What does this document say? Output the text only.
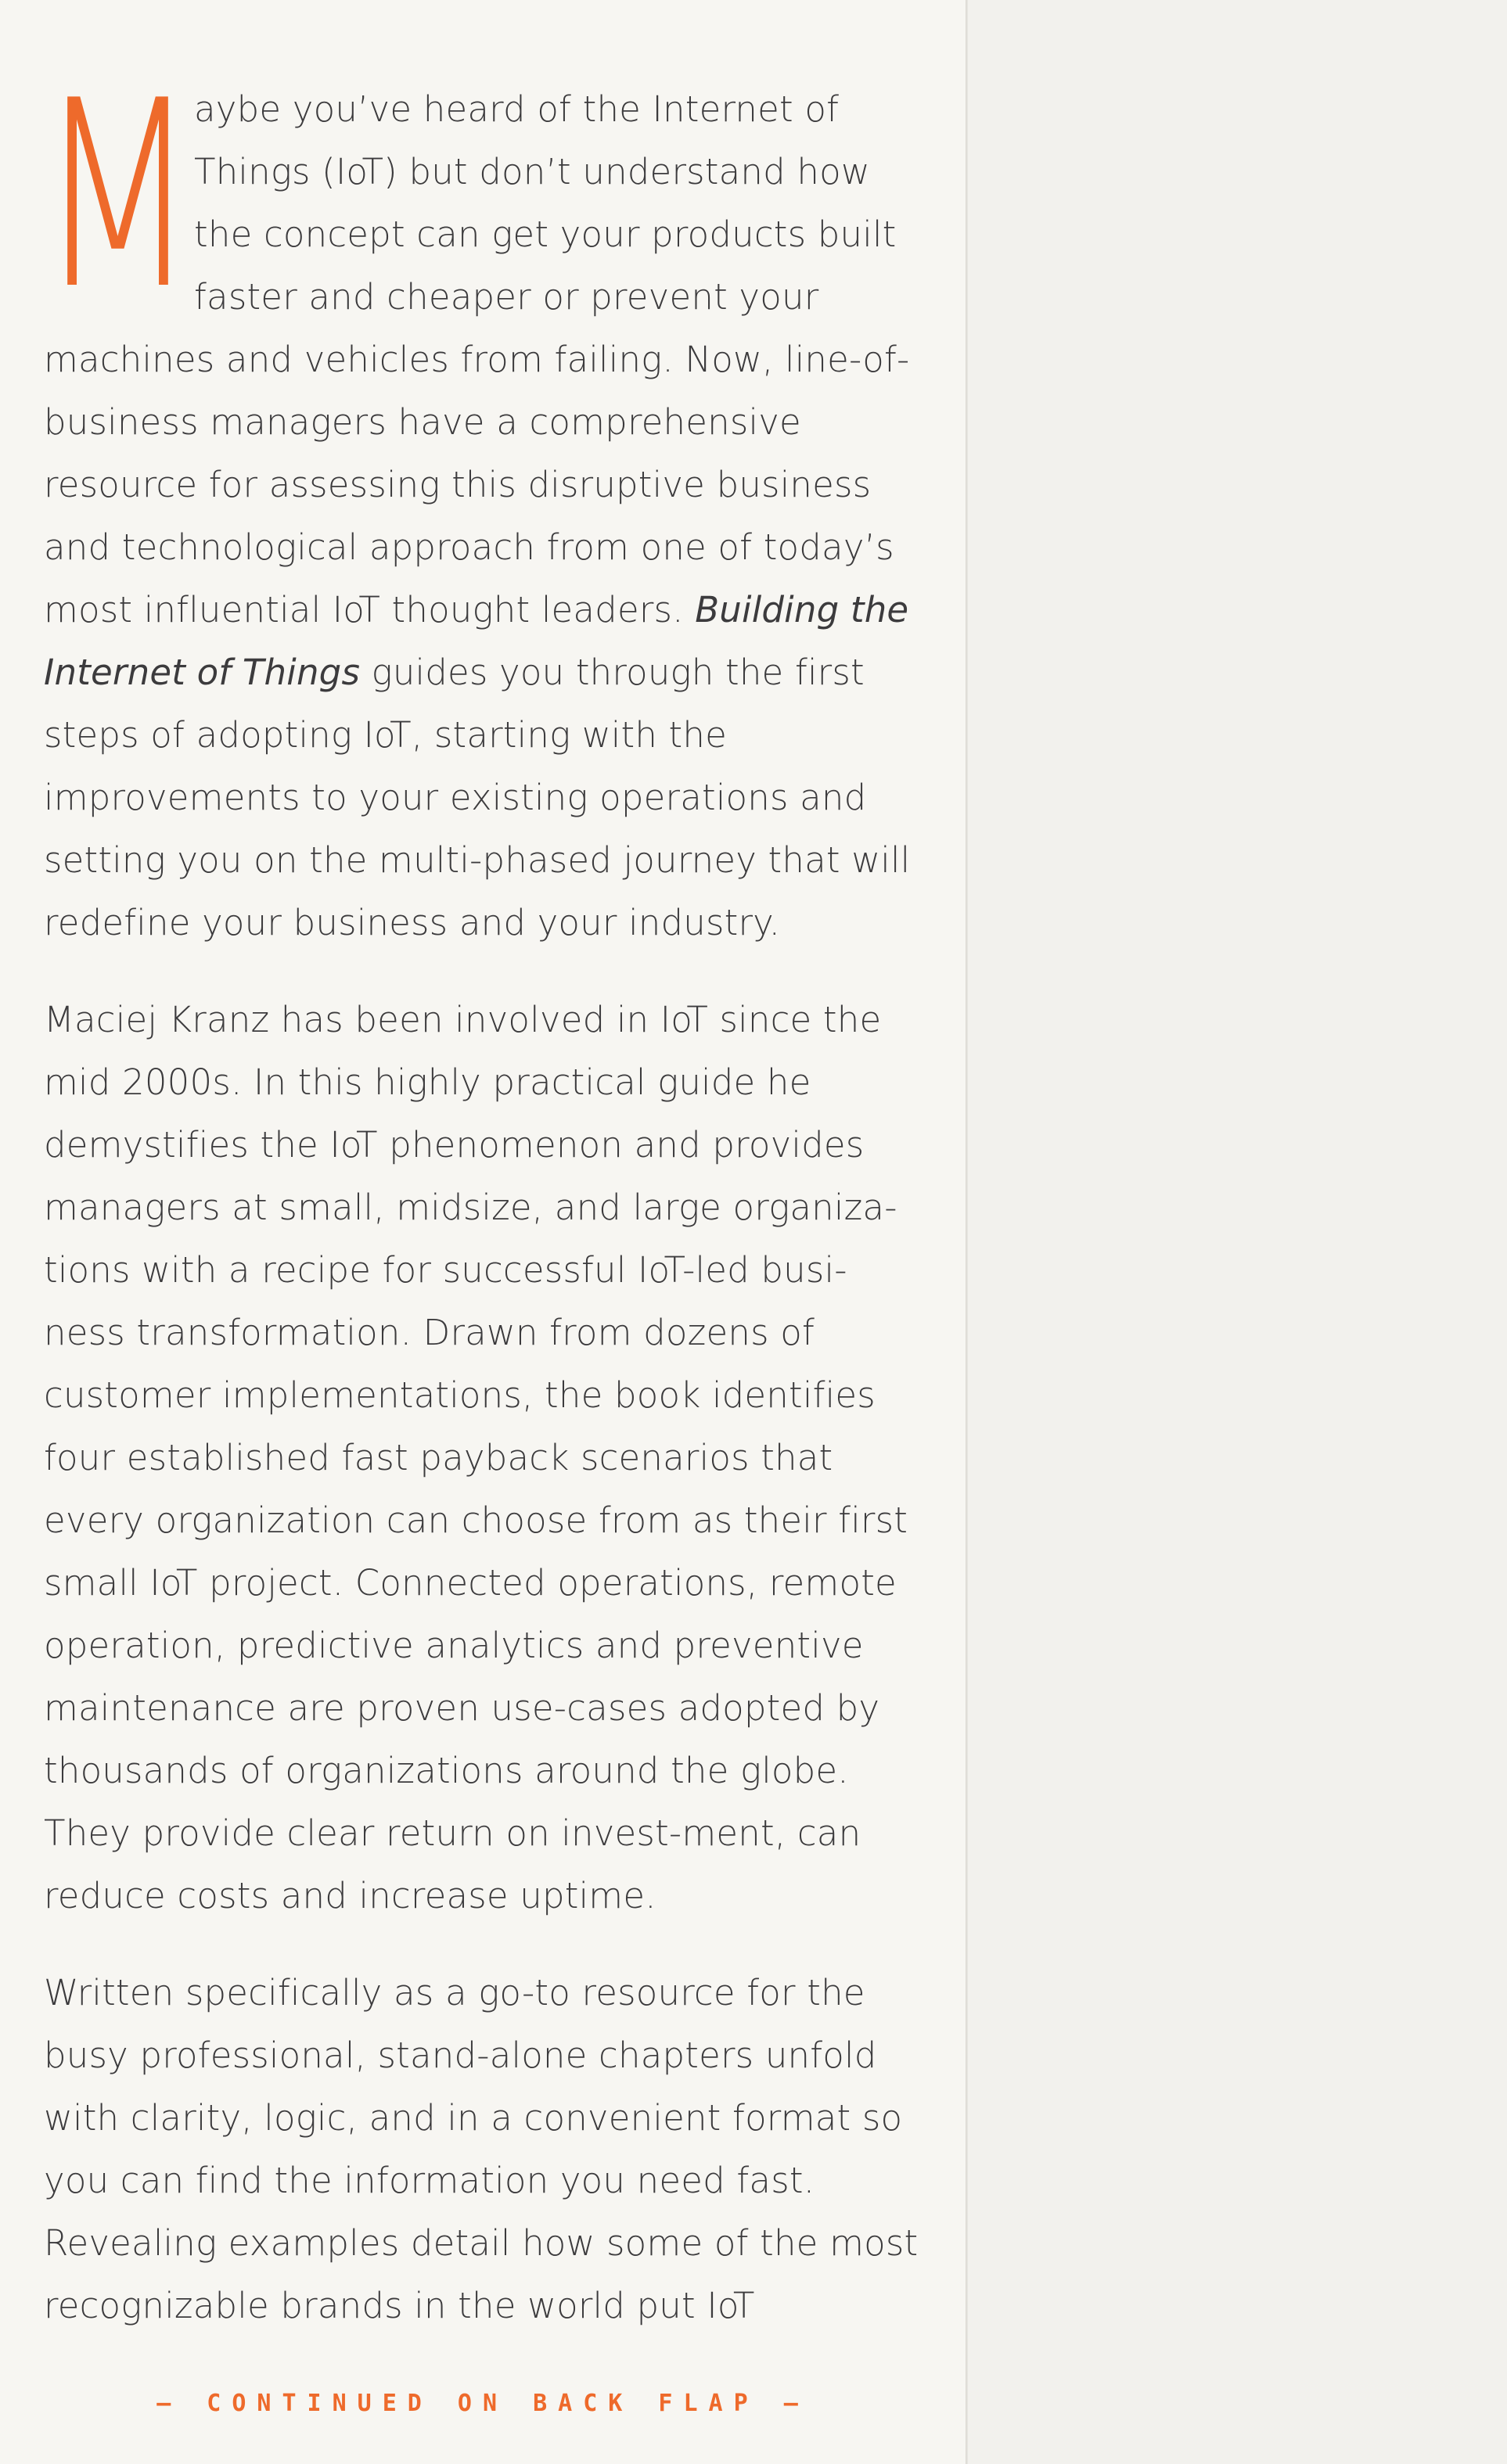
M
aybe you’ve heard of the Internet of Things (IoT) but don’t understand how the concept can get your products built faster and cheaper or prevent your machines and vehicles from failing. Now, line-of-business managers have a comprehensive resource for assessing this disruptive business and technological approach from one of today’s most influential IoT thought leaders. Building the Internet of Things guides you through the first steps of adopting IoT, starting with the improvements to your existing operations and setting you on the multi-phased journey that will redefine your business and your industry.

Maciej Kranz has been involved in IoT since the mid 2000s. In this highly practical guide he demystifies the IoT phenomenon and provides managers at small, midsize, and large organiza-tions with a recipe for successful IoT-led busi-ness transformation. Drawn from dozens of customer implementations, the book identifies four established fast payback scenarios that every organization can choose from as their first small IoT project. Connected operations, remote operation, predictive analytics and preventive maintenance are proven use-cases adopted by thousands of organizations around the globe. They provide clear return on invest-ment, can reduce costs and increase uptime.

Written specifically as a go-to resource for the busy professional, stand-alone chapters unfold with clarity, logic, and in a convenient format so you can find the information you need fast. Revealing examples detail how some of the most recognizable brands in the world put IoT

— CONTINUED ON BACK FLAP —
